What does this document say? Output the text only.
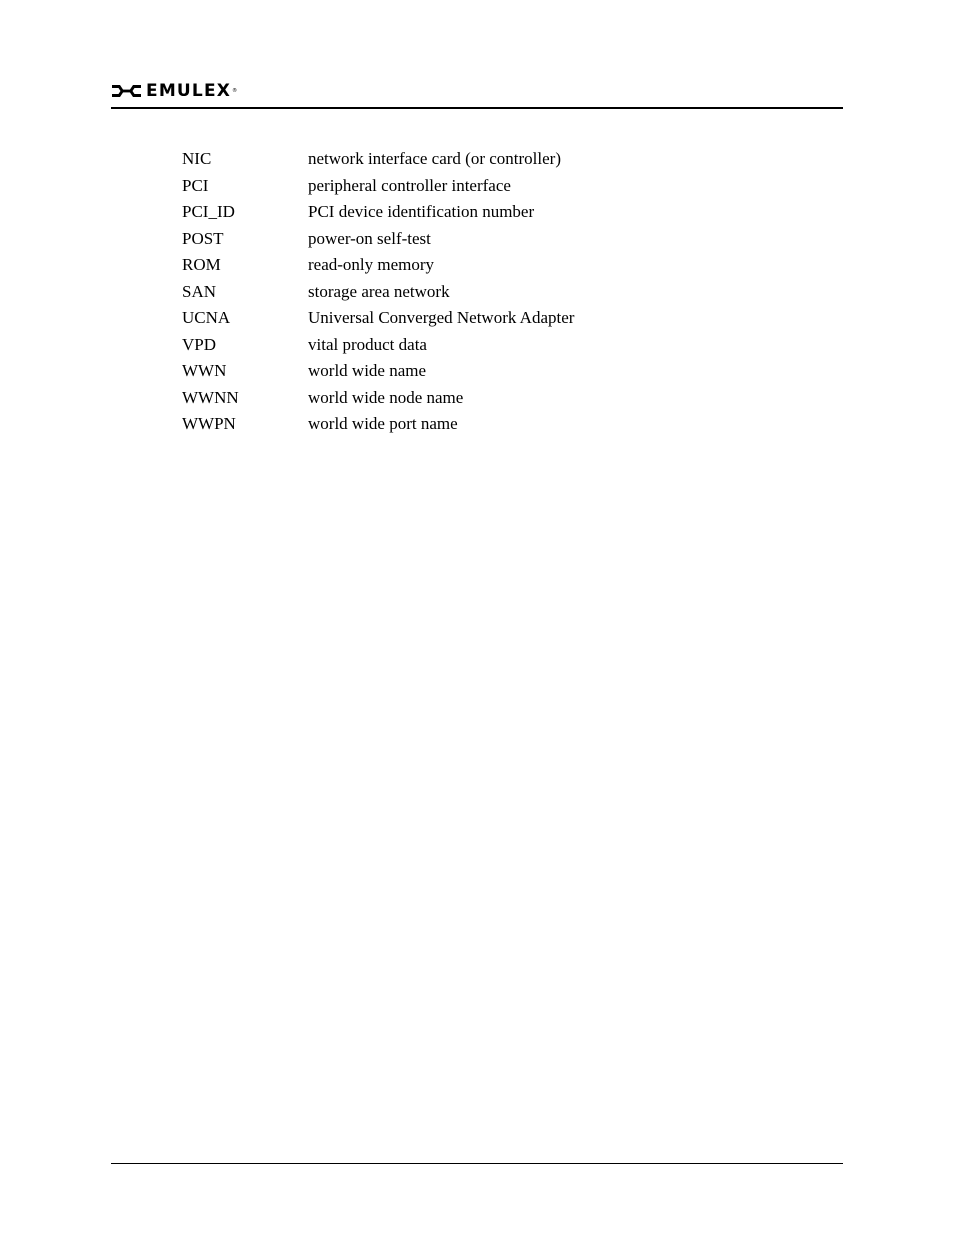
EMULEX ®
NIC	network interface card (or controller)
PCI	peripheral controller interface
PCI_ID	PCI device identification number
POST	power-on self-test
ROM	read-only memory
SAN	storage area network
UCNA	Universal Converged Network Adapter
VPD	vital product data
WWN	world wide name
WWNN	world wide node name
WWPN	world wide port name
